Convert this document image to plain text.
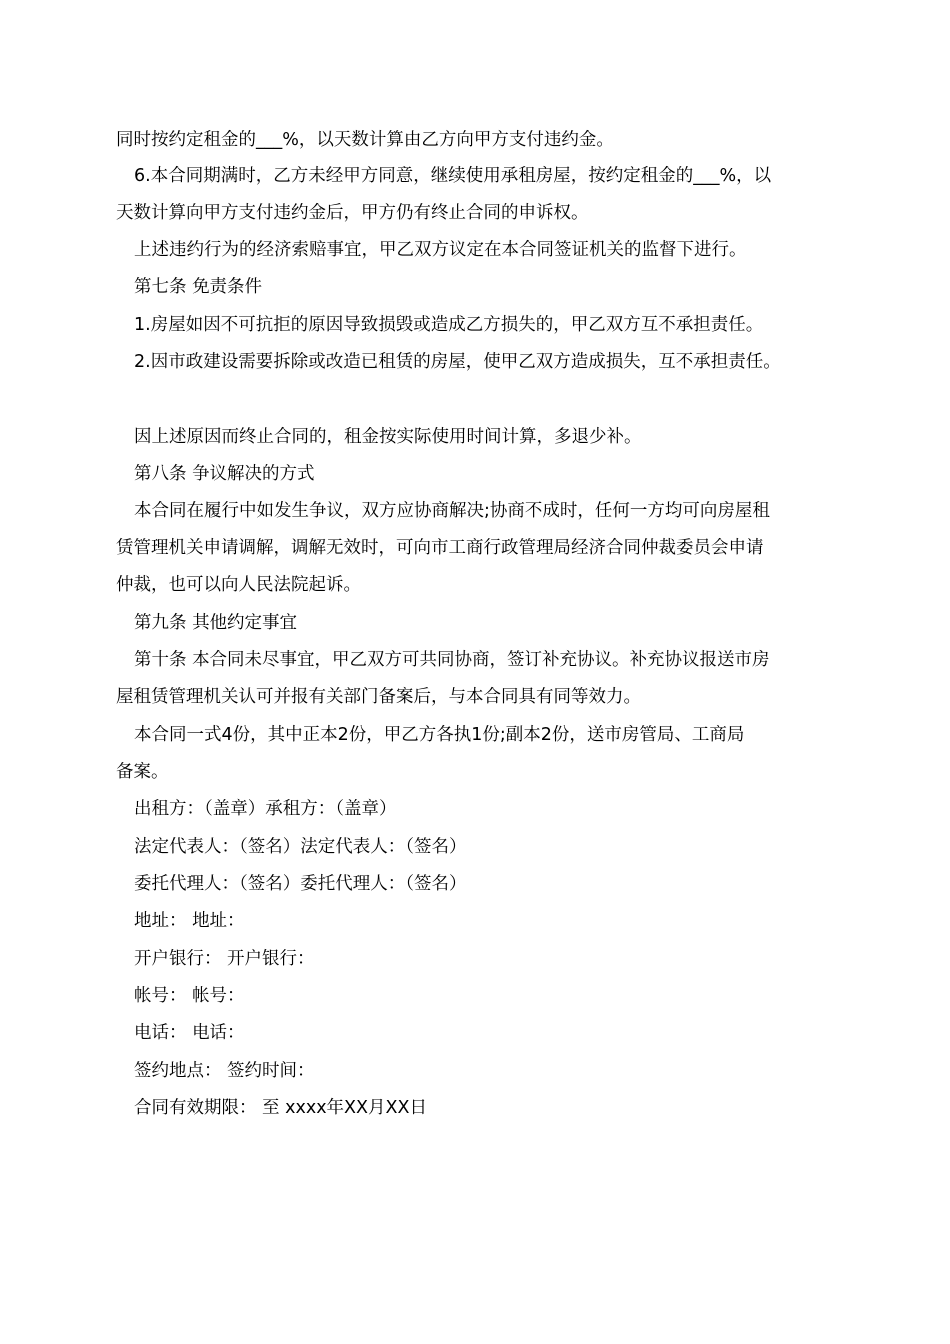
同时按约定租金的___%，以天数计算由乙方向甲方支付违约金。

6.本合同期满时，乙方未经甲方同意，继续使用承租房屋，按约定租金的___%，以

天数计算向甲方支付违约金后，甲方仍有终止合同的申诉权。

上述违约行为的经济索赔事宜，甲乙双方议定在本合同签证机关的监督下进行。

第七条 免责条件

1.房屋如因不可抗拒的原因导致损毁或造成乙方损失的，甲乙双方互不承担责任。

2.因市政建设需要拆除或改造已租赁的房屋，使甲乙双方造成损失，互不承担责任。

因上述原因而终止合同的，租金按实际使用时间计算，多退少补。

第八条 争议解决的方式

本合同在履行中如发生争议，双方应协商解决;协商不成时，任何一方均可向房屋租

赁管理机关申请调解，调解无效时，可向市工商行政管理局经济合同仲裁委员会申请

仲裁，也可以向人民法院起诉。

第九条 其他约定事宜

第十条 本合同未尽事宜，甲乙双方可共同协商，签订补充协议。补充协议报送市房

屋租赁管理机关认可并报有关部门备案后，与本合同具有同等效力。

本合同一式4份，其中正本2份，甲乙方各执1份;副本2份，送市房管局、工商局

备案。

出租方：（盖章）承租方：（盖章）

法定代表人：（签名）法定代表人：（签名）

委托代理人：（签名）委托代理人：（签名）

地址： 地址：

开户银行： 开户银行：

帐号： 帐号：

电话： 电话：

签约地点： 签约时间：

合同有效期限： 至 xxxx年XX月XX日
